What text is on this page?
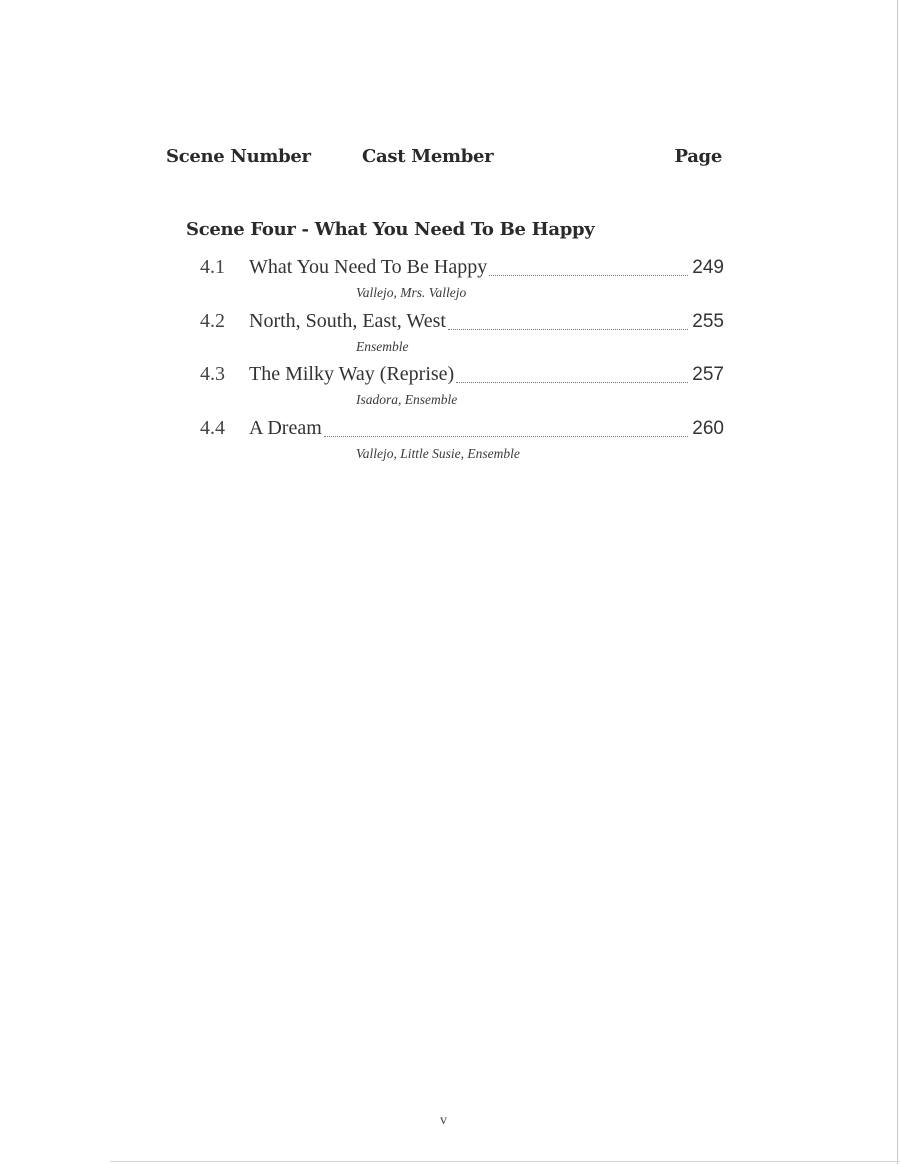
Scene Number	Cast Member	Page
Scene Four - What You Need To Be Happy
4.1	What You Need To Be Happy	249
Vallejo, Mrs. Vallejo
4.2	North, South, East, West	255
Ensemble
4.3	The Milky Way (Reprise)	257
Isadora, Ensemble
4.4	A Dream	260
Vallejo, Little Susie, Ensemble
v
